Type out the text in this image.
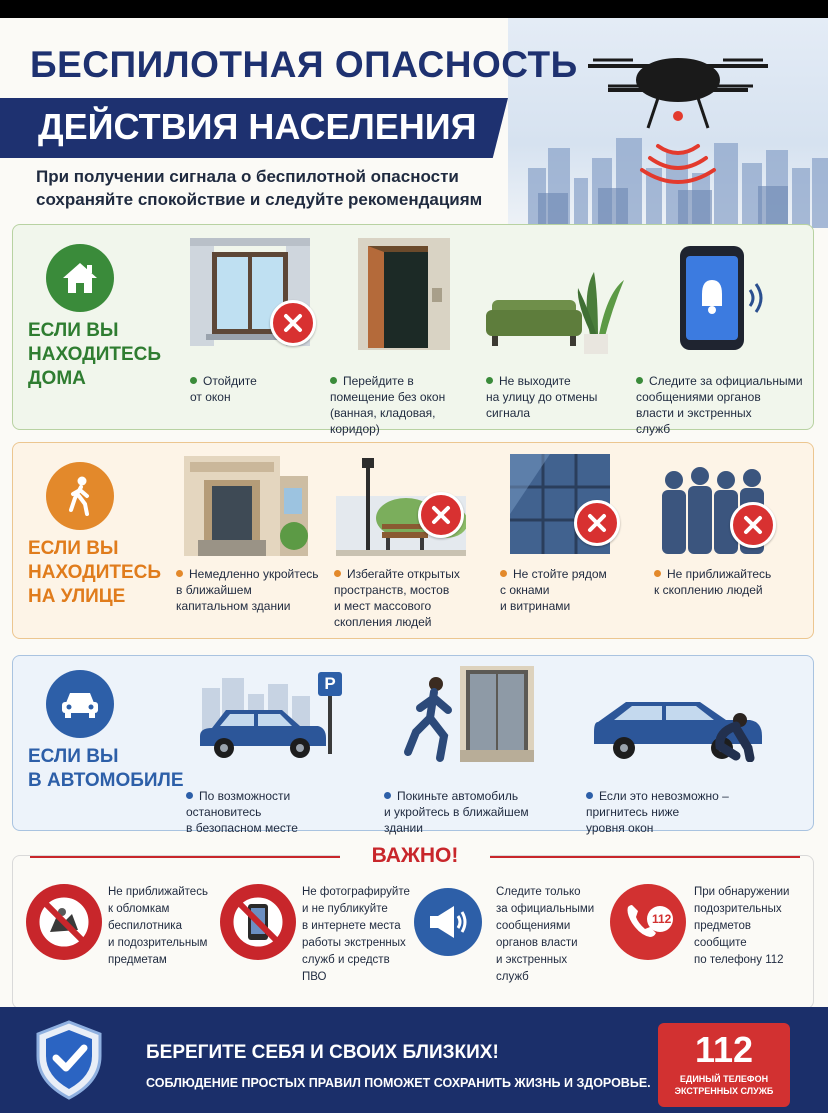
БЕСПИЛОТНАЯ ОПАСНОСТЬ
ДЕЙСТВИЯ НАСЕЛЕНИЯ
При получении сигнала о беспилотной опасности сохраняйте спокойствие и следуйте рекомендациям
ЕСЛИ ВЫ
НАХОДИТЕСЬ
ДОМА	Отойдите
от окон
Перейдите в
помещение без окон
(ванная, кладовая,
коридор)
Не выходите
на улицу до отмены
сигнала
Следите за официальными
сообщениями органов
власти и экстренных
служб
ЕСЛИ ВЫ
НАХОДИТЕСЬ
НА УЛИЦЕ
Немедленно укройтесь
в ближайшем
капитальном здании
Избегайте открытых
пространств, мостов
и мест массового
скопления людей
Не стойте рядом
с окнами
и витринами
Не приближайтесь
к скоплению людей
ЕСЛИ ВЫ
В АВТОМОБИЛЕ
P
По возможности
остановитесь
в безопасном месте
Покиньте автомобиль
и укройтесь в ближайшем
здании
Если это невозможно –
пригнитесь ниже
уровня окон
ВАЖНО!
Не приближайтесь
к обломкам
беспилотника
и подозрительным
предметам
Не фотографируйте
и не публикуйте
в интернете места
работы экстренных
служб и средств
ПВО
Следите только
за официальными
сообщениями
органов власти
и экстренных
служб
112
При обнаружении
подозрительных
предметов
сообщите
по телефону 112
БЕРЕГИТЕ СЕБЯ И СВОИХ БЛИЗКИХ!
СОБЛЮДЕНИЕ ПРОСТЫХ ПРАВИЛ ПОМОЖЕТ СОХРАНИТЬ ЖИЗНЬ И ЗДОРОВЬЕ.
112
ЕДИНЫЙ ТЕЛЕФОН
ЭКСТРЕННЫХ СЛУЖБ
